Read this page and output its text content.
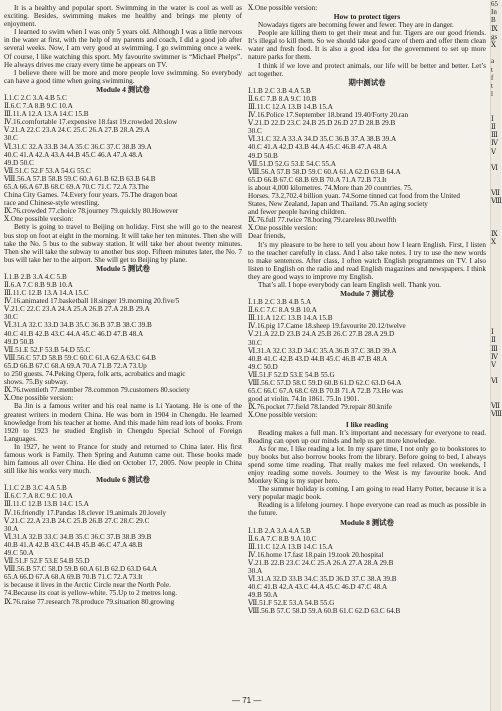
It is a healthy and popular sport. Swimming in the water is cool as well as exciting. Besides, swimming makes me healthy and brings me plenty of enjoyment.
I learned to swim when I was only 5 years old. Although I was a little nervous in the water at first, with the help of my parents and coach, I did a good job after several weeks. Now, I am very good at swimming. I go swimming once a week. Of course, I like watching this sport. My favourite swimmer is “Michael Phelps”. He always drives me crazy every time he appears on TV.
I believe there will be more and more people love swimming. So everybody can have a good time when going swimming.
Module 4 测试卷
Ⅰ.1.C 2.C 3.A 4.B 5.C
Ⅱ.6.C 7.A 8.B 9.C 10.A
Ⅲ.11.A 12.A 13.A 14.C 15.B
Ⅳ.16.comfortable 17.expensive 18.fast 19.crowded 20.slow
Ⅴ.21.A 22.C 23.A 24.C 25.C 26.A 27.B 28.A 29.A
30.C
Ⅵ.31.C 32.A 33.B 34.A 35.C 36.C 37.C 38.B 39.A
40.C 41.A 42.A 43.A 44.B 45.C 46.A 47.A 48.A
49.D 50.C
Ⅶ.51.C 52.F 53.A 54.G 55.C
Ⅷ.56.A 57.B 58.B 59.C 60.A 61.B 62.B 63.B 64.B
65.A 66.A 67.B 68.C 69.A 70.C 71.C 72.A 73.The
China City Games. 74.Every four years. 75.The dragon boat
race and Chinese-style wrestling.
Ⅸ.76.crowded 77.choice 78.journey 79.quickly 80.However
Ⅹ.One possible version:
Betty is going to travel to Beijing on holiday. First she will go to the nearest bus stop on foot at eight in the morning. It will take her ten minutes. Then she will take the No. 5 bus to the subway station. It will take her about twenty minutes. Then she will take the subway to another bus stop. Fifteen minutes later, the No. 7 bus will take her to the airport. She will get to Beijing by plane.
Module 5 测试卷
Ⅰ.1.B 2.B 3.A 4.C 5.B
Ⅱ.6.A 7.C 8.B 9.B 10.A
Ⅲ.11.C 12.B 13.A 14.A 15.C
Ⅳ.16.animated 17.basketball 18.singer 19.morning 20.five/5
Ⅴ.21.C 22.C 23.A 24.A 25.A 26.B 27.A 28.B 29.A
30.C
Ⅵ.31.A 32.C 33.D 34.B 35.C 36.B 37.B 38.C 39.B
40.C 41.B 42.B 43.C 44.A 45.C 46.D 47.B 48.A
49.D 50.B
Ⅶ.51.E 52.F 53.B 54.D 55.C
Ⅷ.56.C 57.D 58.B 59.C 60.C 61.A 62.A 63.C 64.B
65.D 66.B 67.C 68.A 69.A 70.A 71.B 72.A 73.Up
to 250 guests. 74.Peking Opera, folk arts, acrobatics and magic
shows. 75.By subway.
Ⅸ.76.twentieth 77.member 78.common 79.customers 80.society
Ⅹ.One possible version:
Ba Jin is a famous writer and his real name is Li Yaotang. He is one of the greatest writers in modern China. He was born in 1904 in Chengdu. He learned knowledge from his teacher at home. And this made him read lots of books. From 1920 to 1923 he studied English in Chengdu Special School of Foreign Languages.
In 1927, he went to France for study and returned to China later. His first famous work is Family. Then Spring and Autumn came out. These books made him famous all over China. He died on October 17, 2005. Now people in China still like his works very much.
Module 6 测试卷
Ⅰ.1.C 2.B 3.C 4.A 5.B
Ⅱ.6.C 7.A 8.C 9.C 10.A
Ⅲ.11.C 12.B 13.B 14.C 15.A
Ⅳ.16.friendly 17.Pandas 18.clever 19.animals 20.lovely
Ⅴ.21.C 22.A 23.B 24.C 25.B 26.B 27.C 28.C 29.C
30.A
Ⅵ.31.A 32.B 33.C 34.B 35.C 36.C 37.B 38.B 39.B
40.B 41.A 42.B 43.C 44.B 45.B 46.C 47.A 48.B
49.C 50.A
Ⅶ.51.F 52.F 53.E 54.B 55.D
Ⅷ.56.B 57.C 58.D 59.B 60.A 61.B 62.D 63.D 64.A
65.A 66.D 67.A 68.A 69.B 70.B 71.C 72.A 73.It
is because it lives in the Arctic Circle near the North Pole.
74.Because its coat is yellow-white. 75.Up to 2 metres long.
Ⅸ.76.raise 77.research 78.produce 79.situation 80.growing
Ⅹ.One possible version:
How to protect tigers
Nowadays tigers are becoming fewer and fewer. They are in danger.
People are killing them to get their meat and fur. Tigers are our good friends. It’s illegal to kill them. So we should take good care of them and offer them clean water and fresh food. It is also a good idea for the government to set up more nature parks for them.
I think if we love and protect animals, our life will be better and better. Let’s act together.
期中测试卷
Ⅰ.1.B 2.C 3.B 4.A 5.B
Ⅱ.6.C 7.B 8.A 9.C 10.B
Ⅲ.11.C 12.A 13.B 14.B 15.A
Ⅳ.16.Police 17.September 18.brand 19.40/Forty 20.ran
Ⅴ.21.D 22.D 23.C 24.B 25.D 26.D 27.D 28.B 29.B
30.C
Ⅵ.31.C 32.A 33.A 34.D 35.C 36.B 37.A 38.B 39.A
40.C 41.A 42.D 43.B 44.A 45.C 46.B 47.A 48.A
49.D 50.B
Ⅶ.51.D 52.G 53.E 54.C 55.A
Ⅷ.56.A 57.B 58.D 59.C 60.A 61.A 62.D 63.B 64.A
65.D 66.B 67.C 68.B 69.B 70.A 71.A 72.B 73.It
is about 4,000 kilometres. 74.More than 20 countries. 75.
Horses. 73.2,702.4 billion yuan. 74.Some tinned cat food from the United
States, New Zealand, Japan and Thailand. 75.An aging society
and fewer people having children.
Ⅸ.76.full 77.twice 78.boring 79.careless 80.twelfth
Ⅹ.One possible version:
Dear friends,
It’s my pleasure to be here to tell you about how I learn English. First, I listen to the teacher carefully in class. And I also take notes. I try to use the new words to make sentences. After class, I often watch English programmes on TV. I also listen to English on the radio and read English magazines and newspapers. I think they are good ways to improve my English.
That’s all. I hope everybody can learn English well. Thank you.
Module 7 测试卷
Ⅰ.1.B 2.C 3.B 4.B 5.A
Ⅱ.6.C 7.C 8.A 9.B 10.A
Ⅲ.11.A 12.C 13.B 14.A 15.B
Ⅳ.16.pig 17.Came 18.sheep 19.favourite 20.12/twelve
Ⅴ.21.A 22.D 23.B 24.A 25.B 26.C 27.B 28.A 29.D
30.C
Ⅵ.31.A 32.C 33.D 34.C 35.A 36.B 37.C 38.D 39.A
40.B 41.C 42.B 43.D 44.B 45.C 46.B 47.B 48.A
49.C 50.D
Ⅶ.51.F 52.D 53.E 54.B 55.G
Ⅷ.56.C 57.D 58.C 59.D 60.B 61.D 62.C 63.D 64.A
65.C 66.C 67.A 68.C 69.B 70.B 71.A 72.B 73.He was
good at violin. 74.In 1861. 75.In 1901.
Ⅸ.76.pocket 77.field 78.landed 79.repair 80.knife
Ⅹ.One possible version:
I like reading
Reading makes a full man. It’s important and necessary for everyone to read. Reading can open up our minds and help us get more knowledge.
As for me, I like reading a lot. In my spare time, I not only go to bookstores to buy books but also borrow books from the library. Before going to bed, I always spend some time reading. That really makes me feel relaxed. On weekends, I enjoy reading some novels. Journey to the West is my favourite book. And Monkey King is my super hero.
The summer holiday is coming. I am going to read Harry Potter, because it is a very popular magic book.
Reading is a lifelong journey. I hope everyone can read as much as possible in the future.
Module 8 测试卷
Ⅰ.1.B 2.A 3.A 4.A 5.B
Ⅱ.6.A 7.C 8.B 9.A 10.C
Ⅲ.11.C 12.A 13.B 14.C 15.A
Ⅳ.16.home 17.fast 18.pain 19.took 20.hospital
Ⅴ.21.B 22.B 23.C 24.C 25.A 26.A 27.A 28.A 29.B
30.A
Ⅵ.31.A 32.D 33.B 34.C 35.D 36.D 37.C 38.A 39.B
40.C 41.B 42.A 43.C 44.A 45.C 46.D 47.C 48.A
49.B 50.A
Ⅶ.51.F 52.E 53.A 54.B 55.G
Ⅷ.56.B 57.C 58.D 59.A 60.B 61.C 62.D 63.C 64.B
65
In
B
Ⅸ
gs
Ⅹ

a
t
f
t
l

Ⅰ
Ⅱ
Ⅲ
Ⅳ
Ⅴ

Ⅵ

Ⅶ
Ⅷ

Ⅸ
Ⅹ

Ⅰ
Ⅱ
Ⅲ
Ⅳ
Ⅴ

Ⅵ

Ⅶ
Ⅷ

— 71 —
